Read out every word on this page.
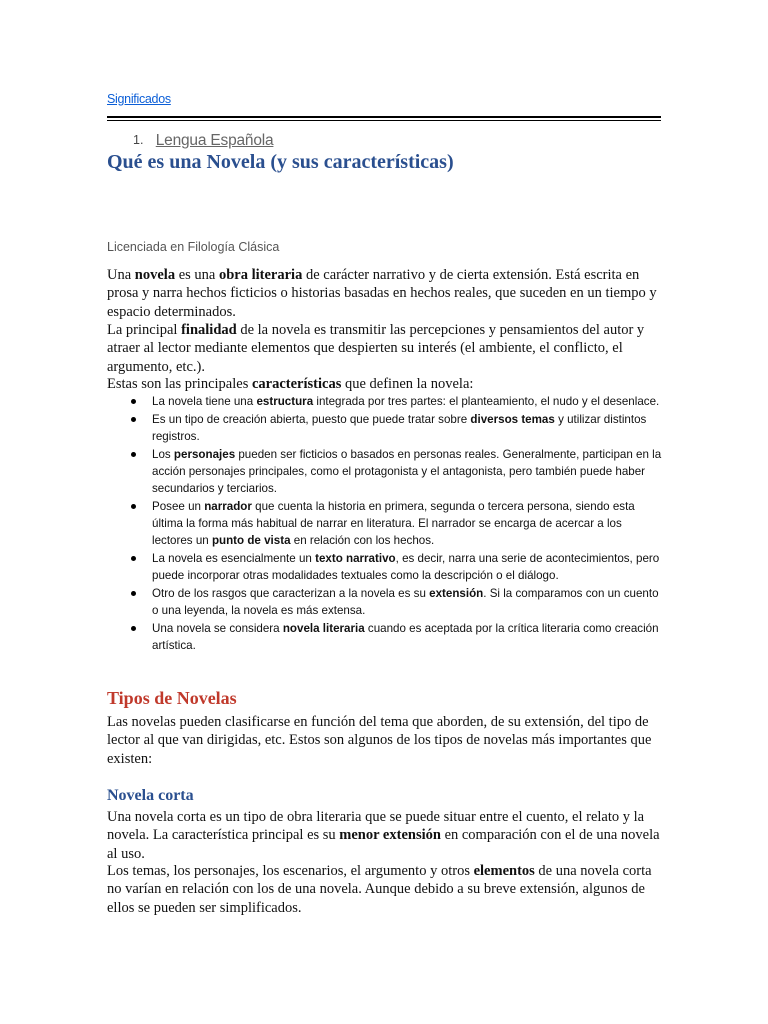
Significados
1. Lengua Española
Qué es una Novela (y sus características)
Licenciada en Filología Clásica

Una novela es una obra literaria de carácter narrativo y de cierta extensión. Está escrita en prosa y narra hechos ficticios o historias basadas en hechos reales, que suceden en un tiempo y espacio determinados.

La principal finalidad de la novela es transmitir las percepciones y pensamientos del autor y atraer al lector mediante elementos que despierten su interés (el ambiente, el conflicto, el argumento, etc.).

Estas son las principales características que definen la novela:

La novela tiene una estructura integrada por tres partes: el planteamiento, el nudo y el desenlace.
Es un tipo de creación abierta, puesto que puede tratar sobre diversos temas y utilizar distintos registros.
Los personajes pueden ser ficticios o basados en personas reales. Generalmente, participan en la acción personajes principales, como el protagonista y el antagonista, pero también puede haber secundarios y terciarios.
Posee un narrador que cuenta la historia en primera, segunda o tercera persona, siendo esta última la forma más habitual de narrar en literatura. El narrador se encarga de acercar a los lectores un punto de vista en relación con los hechos.
La novela es esencialmente un texto narrativo, es decir, narra una serie de acontecimientos, pero puede incorporar otras modalidades textuales como la descripción o el diálogo.
Otro de los rasgos que caracterizan a la novela es su extensión. Si la comparamos con un cuento o una leyenda, la novela es más extensa.
Una novela se considera novela literaria cuando es aceptada por la crítica literaria como creación artística.
Tipos de Novelas

Las novelas pueden clasificarse en función del tema que aborden, de su extensión, del tipo de lector al que van dirigidas, etc. Estos son algunos de los tipos de novelas más importantes que existen:

Novela corta

Una novela corta es un tipo de obra literaria que se puede situar entre el cuento, el relato y la novela. La característica principal es su menor extensión en comparación con el de una novela al uso.

Los temas, los personajes, los escenarios, el argumento y otros elementos de una novela corta no varían en relación con los de una novela. Aunque debido a su breve extensión, algunos de ellos se pueden ser simplificados.
